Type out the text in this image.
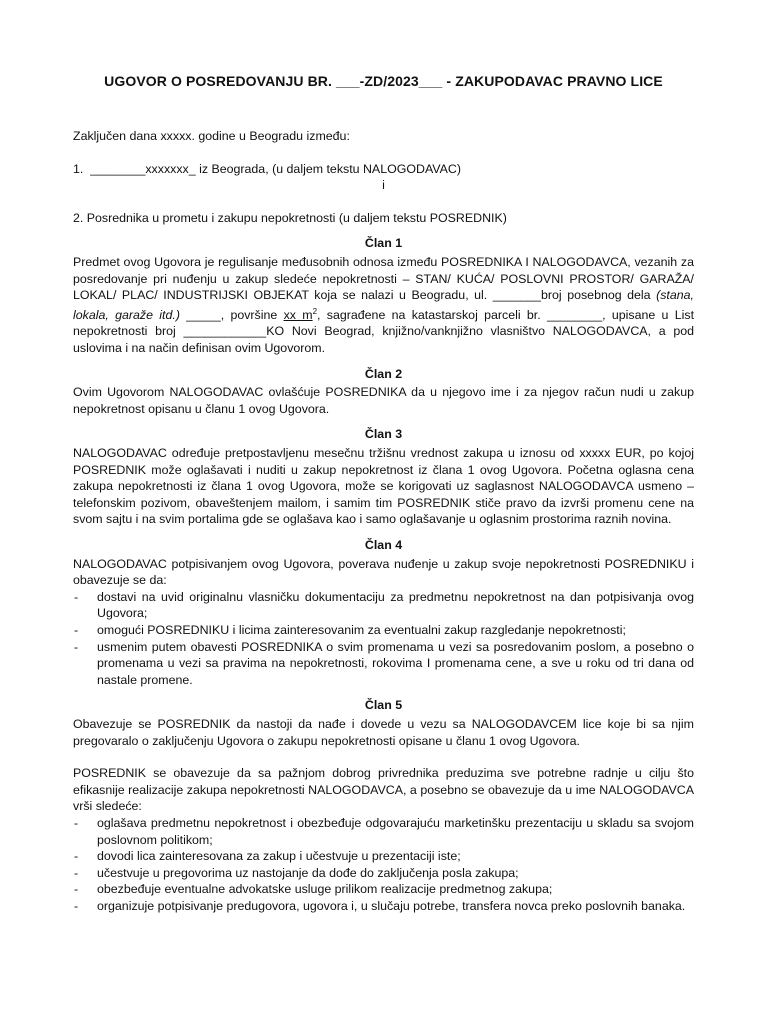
UGOVOR O POSREDOVANJU BR. ___-ZD/2023___ - ZAKUPODAVAC PRAVNO LICE

Zaključen dana xxxxx. godine u Beogradu između:

1. ________xxxxxxx_ iz Beograda, (u daljem tekstu NALOGODAVAC)

i

2. Posrednika u prometu i zakupu nepokretnosti (u daljem tekstu POSREDNIK)

Član 1

Predmet ovog Ugovora je regulisanje međusobnih odnosa između POSREDNIKA I NALOGODAVCA, vezanih za posredovanje pri nuđenju u zakup sledeće nepokretnosti – STAN/ KUĆA/ POSLOVNI PROSTOR/ GARAŽA/ LOKAL/ PLAC/ INDUSTRIJSKI OBJEKAT koja se nalazi u Beogradu, ul. _______broj posebnog dela (stana, lokala, garaže itd.) _____, površine xx $m^2$, sagrađene na katastarskoj parceli br. ________, upisane u List nepokretnosti broj ____________KO Novi Beograd, knjižno/vanknjižno vlasništvo NALOGODAVCA, a pod uslovima i na način definisan ovim Ugovorom.

Član 2

Ovim Ugovorom NALOGODAVAC ovlašćuje POSREDNIKA da u njegovo ime i za njegov račun nudi u zakup nepokretnost opisanu u članu 1 ovog Ugovora.

Član 3

NALOGODAVAC određuje pretpostavljenu mesečnu tržišnu vrednost zakupa u iznosu od xxxxx EUR, po kojoj POSREDNIK može oglašavati i nuditi u zakup nepokretnost iz člana 1 ovog Ugovora. Početna oglasna cena zakupa nepokretnosti iz člana 1 ovog Ugovora, može se korigovati uz saglasnost NALOGODAVCA usmeno – telefonskim pozivom, obaveštenjem mailom, i samim tim POSREDNIK stiče pravo da izvrši promenu cene na svom sajtu i na svim portalima gde se oglašava kao i samo oglašavanje u oglasnim prostorima raznih novina.

Član 4

NALOGODAVAC potpisivanjem ovog Ugovora, poverava nuđenje u zakup svoje nepokretnosti POSREDNIKU i obavezuje se da:

- dostavi na uvid originalnu vlasničku dokumentaciju za predmetnu nepokretnost na dan potpisivanja ovog Ugovora;
- omogući POSREDNIKU i licima zainteresovanim za eventualni zakup razgledanje nepokretnosti;
- usmenim putem obavesti POSREDNIKA o svim promenama u vezi sa posredovanim poslom, a posebno o promenama u vezi sa pravima na nepokretnosti, rokovima I promenama cene, a sve u roku od tri dana od nastale promene.
Član 5

Obavezuje se POSREDNIK da nastoji da nađe i dovede u vezu sa NALOGODAVCEM lice koje bi sa njim pregovaralo o zaključenju Ugovora o zakupu nepokretnosti opisane u članu 1 ovog Ugovora.

POSREDNIK se obavezuje da sa pažnjom dobrog privrednika preduzima sve potrebne radnje u cilju što efikasnije realizacije zakupa nepokretnosti NALOGODAVCA, a posebno se obavezuje da u ime NALOGODAVCA vrši sledeće:

- oglašava predmetnu nepokretnost i obezbeđuje odgovarajuću marketinšku prezentaciju u skladu sa svojom poslovnom politikom;
- dovodi lica zainteresovana za zakup i učestvuje u prezentaciji iste;
- učestvuje u pregovorima uz nastojanje da dođe do zaključenja posla zakupa;
- obezbeđuje eventualne advokatske usluge prilikom realizacije predmetnog zakupa;
- organizuje potpisivanje predugovora, ugovora i, u slučaju potrebe, transfera novca preko poslovnih banaka.
